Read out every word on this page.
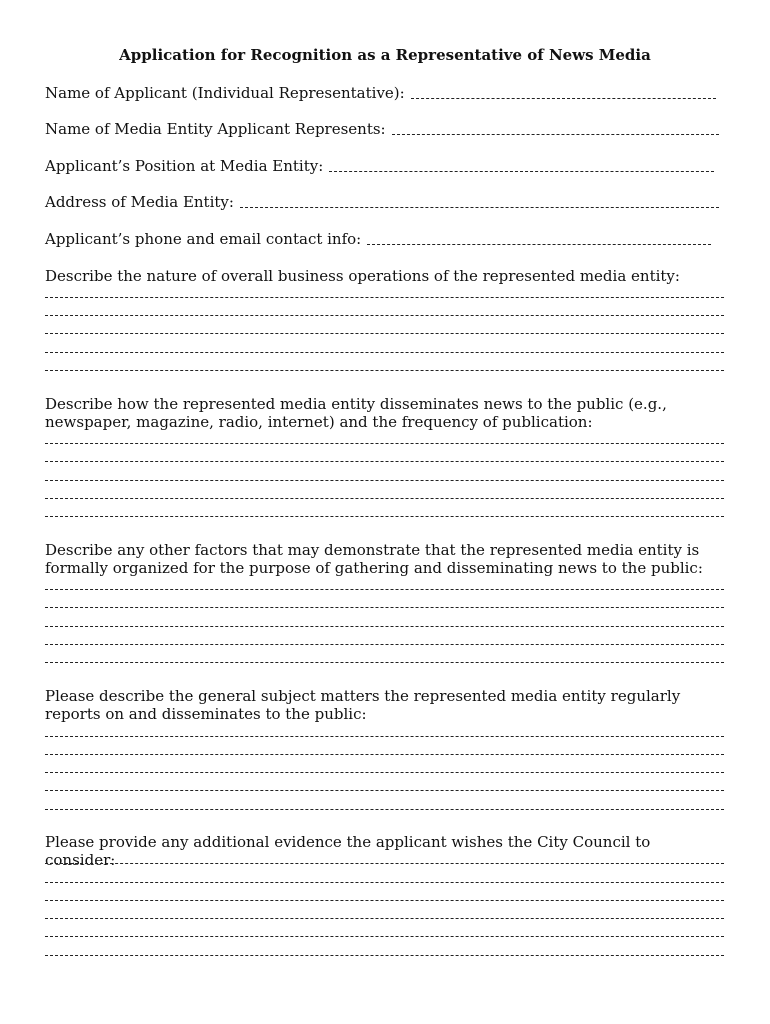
Application for Recognition as a Representative of News Media
Name of Applicant (Individual Representative):
Name of Media Entity Applicant Represents:
Applicant’s Position at Media Entity:
Address of Media Entity:
Applicant’s phone and email contact info:
Describe the nature of overall business operations of the represented media entity:
Describe how the represented media entity disseminates news to the public (e.g., newspaper, magazine, radio, internet) and the frequency of publication:
Describe any other factors that may demonstrate that the represented media entity is formally organized for the purpose of gathering and disseminating news to the public:
Please describe the general subject matters the represented media entity regularly reports on and disseminates to the public:
Please provide any additional evidence the applicant wishes the City Council to consider:
